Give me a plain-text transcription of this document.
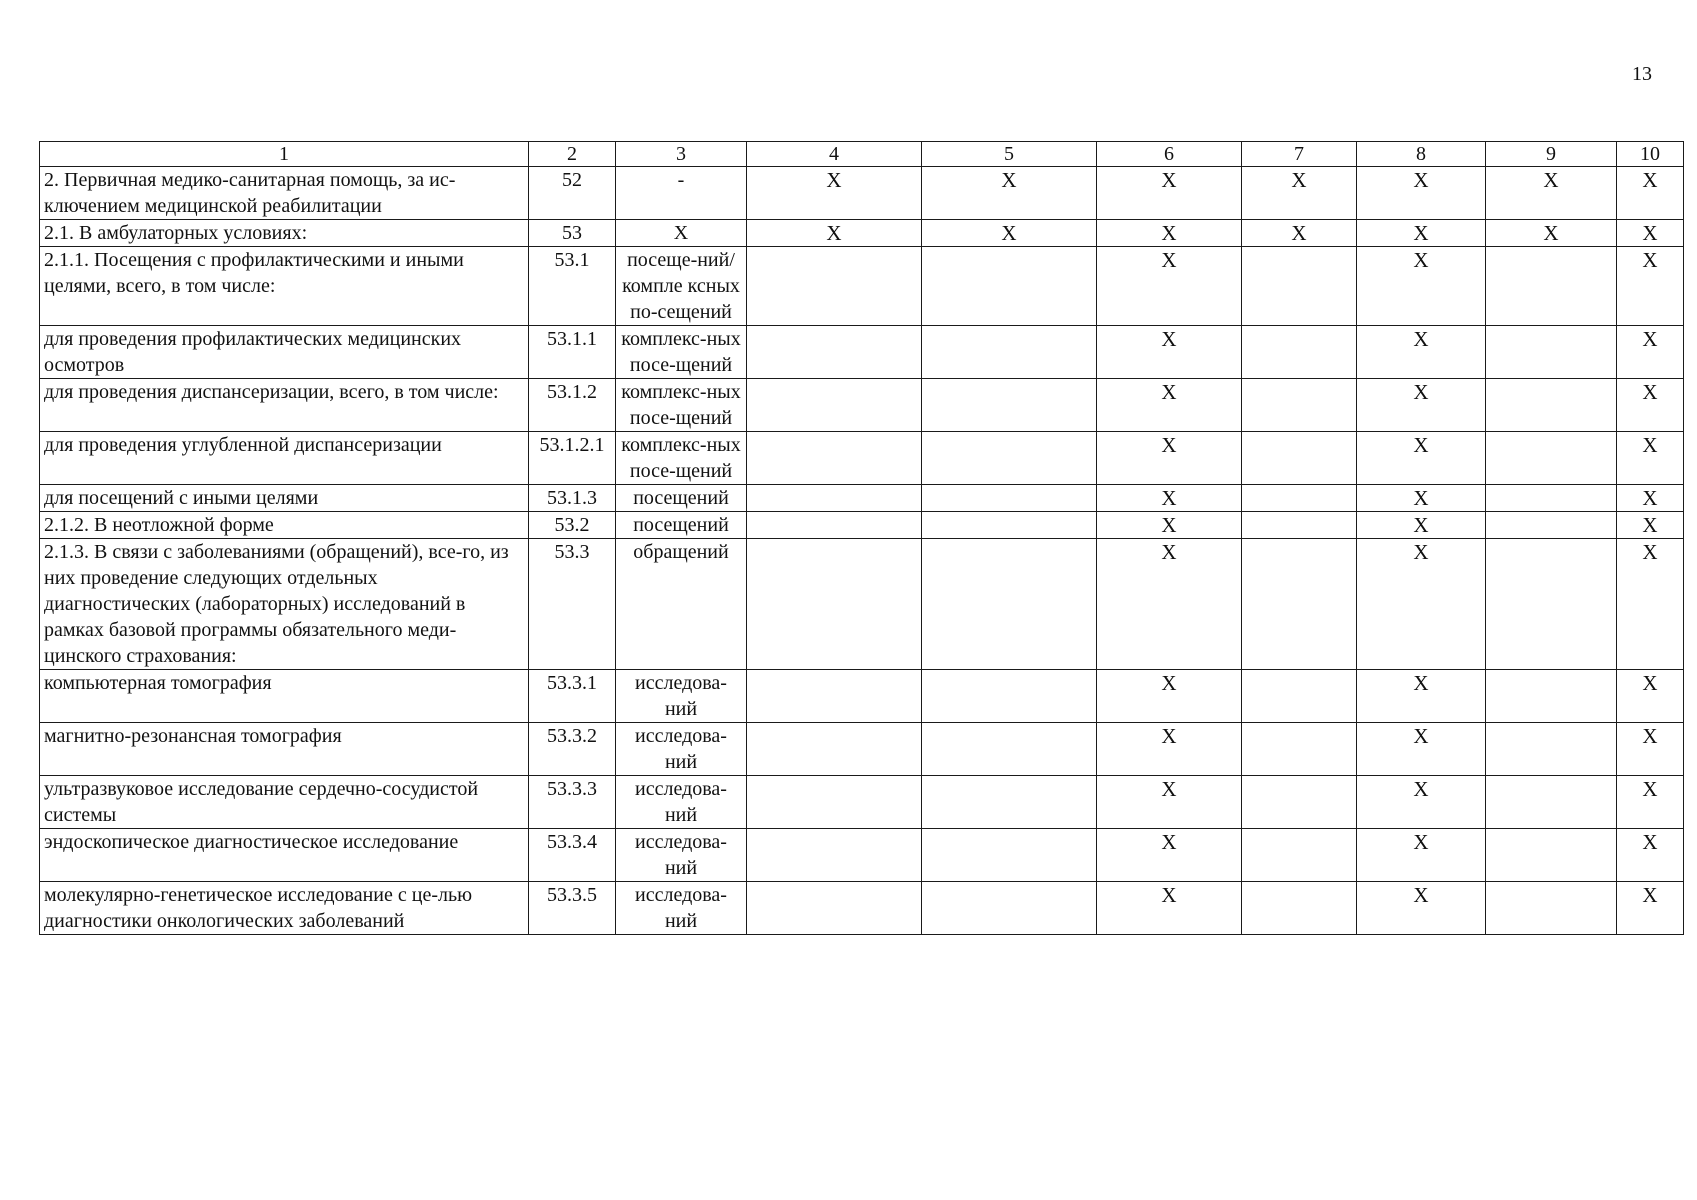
13
1	2	3	4	5	6	7	8	9	10
2. Первичная медико-санитарная помощь, за ис-ключением медицинской реабилитации	52	-	X	X	X	X	X	X	X
2.1. В амбулаторных условиях:	53	X	X	X	X	X	X	X	X
2.1.1. Посещения с профилактическими и иными целями, всего, в том числе:	53.1	посеще-ний/компле ксных по-сещений			X		X		X
для проведения профилактических медицинских осмотров	53.1.1	комплекс-ных посе-щений			X		X		X
для проведения диспансеризации, всего, в том числе:	53.1.2	комплекс-ных посе-щений			X		X		X
для проведения углубленной диспансеризации	53.1.2.1	комплекс-ных посе-щений			X		X		X
для посещений с иными целями	53.1.3	посещений			X		X		X
2.1.2. В неотложной форме	53.2	посещений			X		X		X
2.1.3. В связи с заболеваниями (обращений), все-го, из них проведение следующих отдельных диагностических (лабораторных) исследований в рамках базовой программы обязательного меди-цинского страхования:	53.3	обращений			X		X		X
компьютерная томография	53.3.1	исследова-ний			X		X		X
магнитно-резонансная томография	53.3.2	исследова-ний			X		X		X
ультразвуковое исследование сердечно-сосудистой системы	53.3.3	исследова-ний			X		X		X
эндоскопическое диагностическое исследование	53.3.4	исследова-ний			X		X		X
молекулярно-генетическое исследование с це-лью диагностики онкологических заболеваний	53.3.5	исследова-ний			X		X		X
